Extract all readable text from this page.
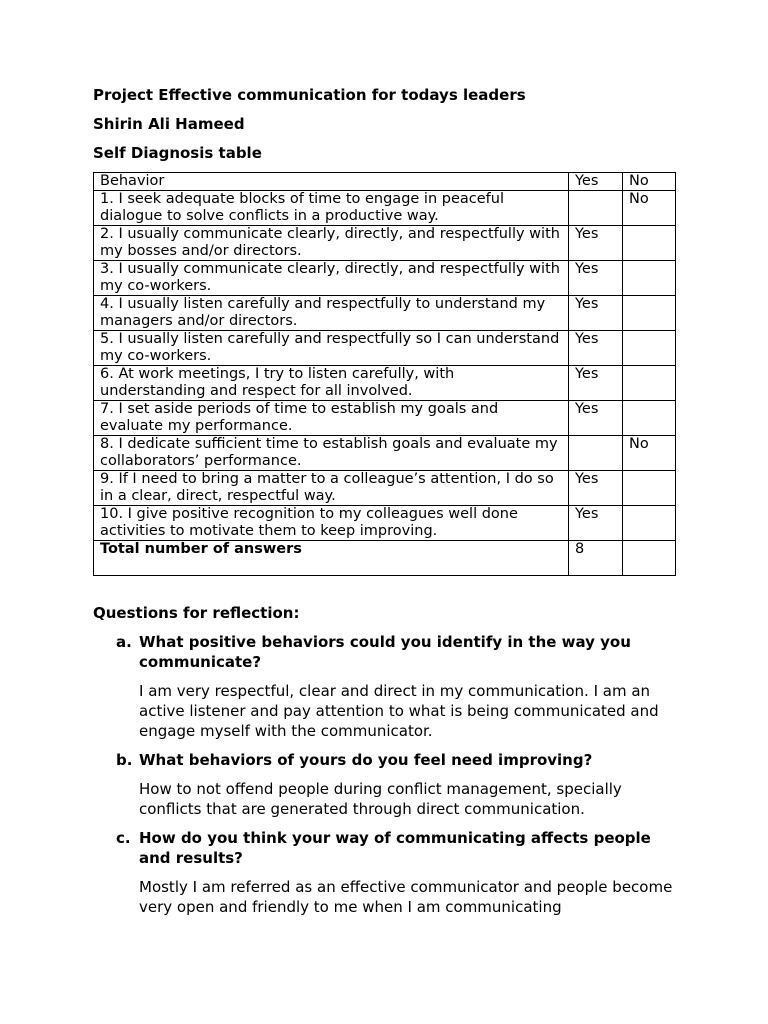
Project Effective communication for todays leaders

Shirin Ali Hameed

Self Diagnosis table

Behavior	Yes	No
1. I seek adequate blocks of time to engage in peaceful dialogue to solve conflicts in a productive way.		No
2. I usually communicate clearly, directly, and respectfully with my bosses and/or directors.	Yes	
3. I usually communicate clearly, directly, and respectfully with my co-workers.	Yes	
4. I usually listen carefully and respectfully to understand my managers and/or directors.	Yes	
5. I usually listen carefully and respectfully so I can understand my co-workers.	Yes	
6. At work meetings, I try to listen carefully, with understanding and respect for all involved.	Yes	
7. I set aside periods of time to establish my goals and evaluate my performance.	Yes	
8. I dedicate sufficient time to establish goals and evaluate my collaborators’ performance.		No
9. If I need to bring a matter to a colleague’s attention, I do so in a clear, direct, respectful way.	Yes	
10. I give positive recognition to my colleagues well done activities to motivate them to keep improving.	Yes	
Total number of answers	8	

Questions for reflection:

a. What positive behaviors could you identify in the way you communicate?

I am very respectful, clear and direct in my communication. I am an active listener and pay attention to what is being communicated and engage myself with the communicator.

b. What behaviors of yours do you feel need improving?

How to not offend people during conflict management, specially conflicts that are generated through direct communication.

c. How do you think your way of communicating affects people and results?

Mostly I am referred as an effective communicator and people become very open and friendly to me when I am communicating
